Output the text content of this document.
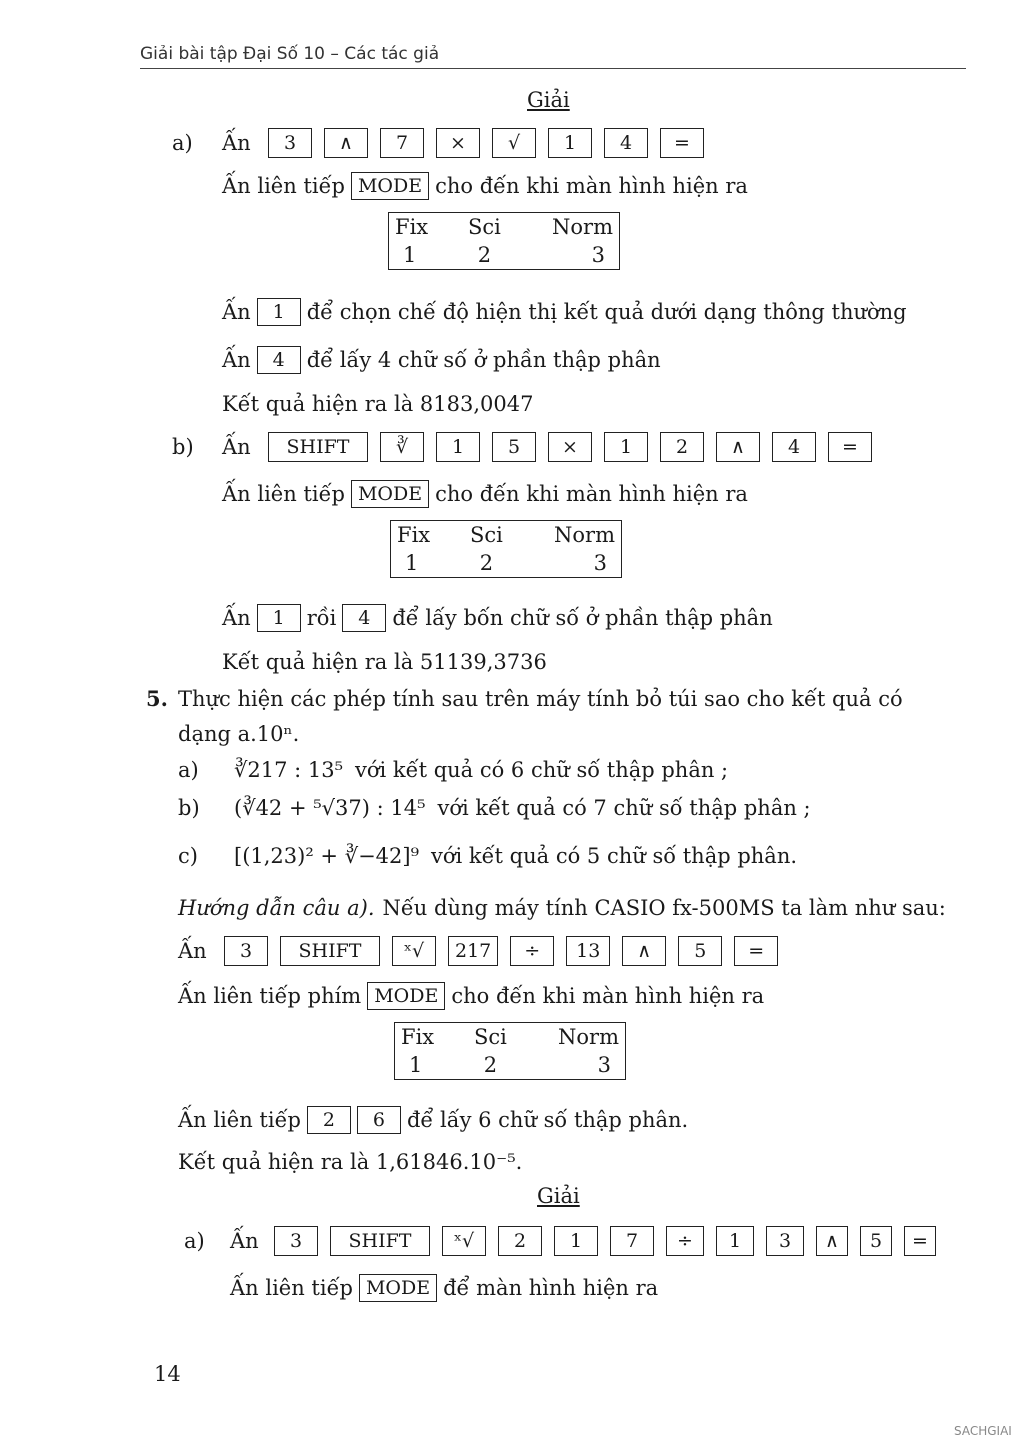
Giải bài tập Đại Số 10 – Các tác giả
Giải
a)	Ấn	3	∧	7	×	√	1	4	=
Ấn liên tiếp MODE cho đến khi màn hình hiện ra
Fix	Sci	Norm
1	2	3
Ấn	1	để chọn chế độ hiện thị kết quả dưới dạng thông thường
Ấn	4	để lấy 4 chữ số ở phần thập phân
Kết quả hiện ra là 8183,0047
b)	Ấn	SHIFT	∛	1	5	×	1	2	∧	4	=
Ấn liên tiếp MODE cho đến khi màn hình hiện ra
Fix	Sci	Norm
1	2	3
Ấn	1	rồi	4	để lấy bốn chữ số ở phần thập phân
Kết quả hiện ra là 51139,3736
5. Thực hiện các phép tính sau trên máy tính bỏ túi sao cho kết quả có
dạng a.10ⁿ.
a)	∛217 : 13⁵ với kết quả có 6 chữ số thập phân ;
b)	(∛42 + ⁵√37) : 14⁵ với kết quả có 7 chữ số thập phân ;
c)	[(1,23)² + ∛−42]⁹ với kết quả có 5 chữ số thập phân.
Hướng dẫn câu a). Nếu dùng máy tính CASIO fx-500MS ta làm như sau:
Ấn	3	SHIFT	ˣ√	217	÷	13	∧	5	=
Ấn liên tiếp phím MODE cho đến khi màn hình hiện ra
Fix	Sci	Norm
1	2	3
Ấn liên tiếp	2	6	để lấy 6 chữ số thập phân.
Kết quả hiện ra là 1,61846.10⁻⁵.
Giải
a)	Ấn	3	SHIFT	ˣ√	2	1	7	÷	1	3	∧	5	=
Ấn liên tiếp MODE để màn hình hiện ra
14
SACHGIAI
